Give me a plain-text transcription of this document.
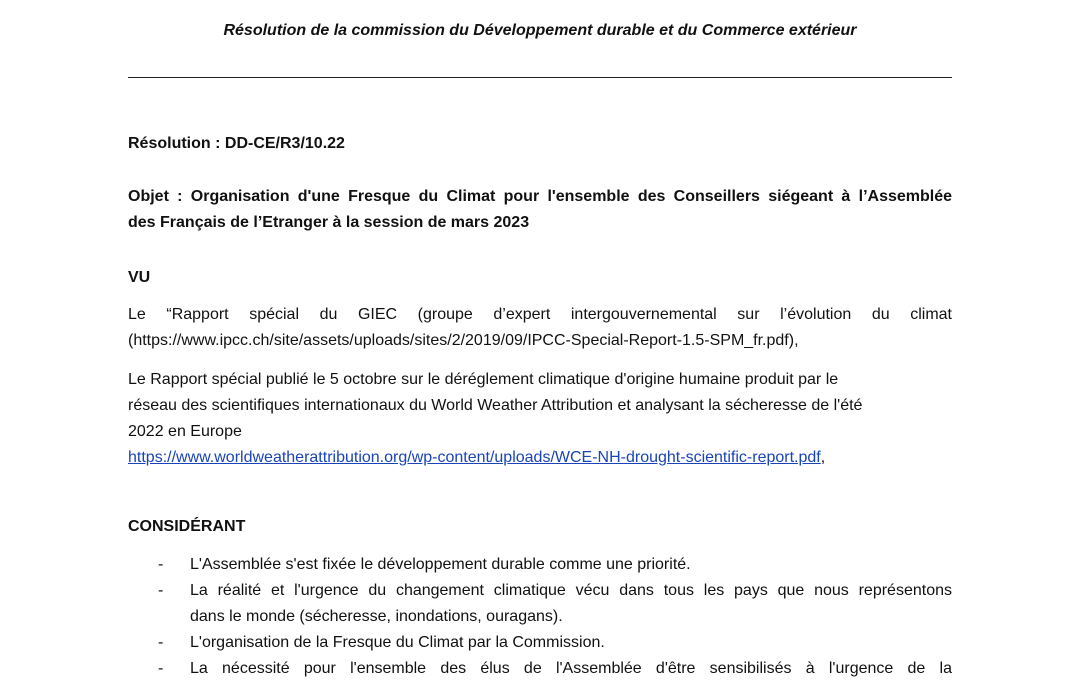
Résolution de la commission du Développement durable et du Commerce extérieur
Résolution : DD-CE/R3/10.22
Objet : Organisation d'une Fresque du Climat pour l'ensemble des Conseillers siégeant à l’Assemblée
des Français de l’Etranger à la session de mars 2023
VU
Le “Rapport spécial du GIEC (groupe d’expert intergouvernemental sur l’évolution du climat
(https://www.ipcc.ch/site/assets/uploads/sites/2/2019/09/IPCC-Special-Report-1.5-SPM_fr.pdf),
Le Rapport spécial publié le 5 octobre sur le déréglement climatique d'origine humaine produit par le
réseau des scientifiques internationaux du World Weather Attribution et analysant la sécheresse de l'été
2022 en Europe
https://www.worldweatherattribution.org/wp-content/uploads/WCE-NH-drought-scientific-report.pdf,
CONSIDÉRANT
- L'Assemblée s'est fixée le développement durable comme une priorité.
- La réalité et l'urgence du changement climatique vécu dans tous les pays que nous représentons
dans le monde (sécheresse, inondations, ouragans).
- L'organisation de la Fresque du Climat par la Commission.
- La nécessité pour l'ensemble des élus de l'Assemblée d'être sensibilisés à l'urgence de la
